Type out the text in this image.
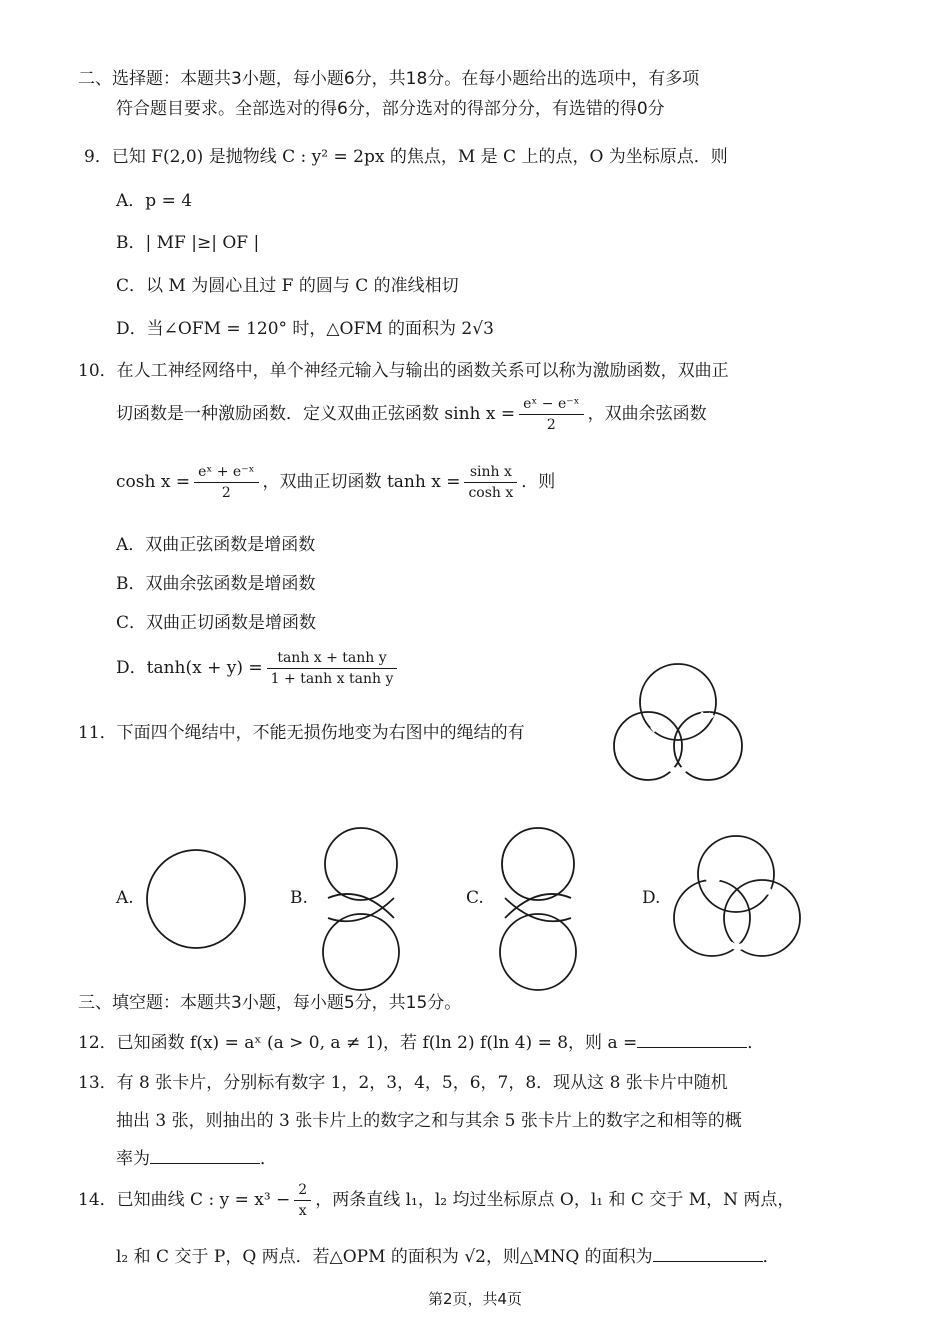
二、选择题：本题共3小题，每小题6分，共18分。在每小题给出的选项中，有多项
符合题目要求。全部选对的得6分，部分选对的得部分分，有选错的得0分
9．已知 F(2,0) 是抛物线 C : y² = 2px 的焦点，M 是 C 上的点，O 为坐标原点．则
A．p = 4
B．| MF |≥| OF |
C．以 M 为圆心且过 F 的圆与 C 的准线相切
D．当∠OFM = 120° 时，△OFM 的面积为 2√3
10．在人工神经网络中，单个神经元输入与输出的函数关系可以称为激励函数，双曲正
切函数是一种激励函数．定义双曲正弦函数 $\sinh x = \frac{\text{eˣ − e⁻ˣ}}{2}$ ，双曲余弦函数
$\cosh x = \frac{\text{eˣ + e⁻ˣ}}{2}$ ，双曲正切函数 $\tanh x = \frac{\text{sinh x}}{\text{cosh x}}$ ．则
A．双曲正弦函数是增函数
B．双曲余弦函数是增函数
C．双曲正切函数是增函数
D．$\tanh(x + y) = \frac{\text{tanh x + tanh y}}{\text{1 + tanh x tanh y}}$
11．下面四个绳结中，不能无损伤地变为右图中的绳结的有
A.	B.	C.	D.
三、填空题：本题共3小题，每小题5分，共15分。
12．已知函数 f(x) = aˣ (a > 0, a ≠ 1)，若 f(ln 2) f(ln 4) = 8，则 a =	．
13．有 8 张卡片，分别标有数字 1，2，3，4，5，6，7，8．现从这 8 张卡片中随机
抽出 3 张，则抽出的 3 张卡片上的数字之和与其余 5 张卡片上的数字之和相等的概
率为	．
14．已知曲线 C : $y = x^3 - \frac{2}{x}$ ，两条直线 l₁，l₂ 均过坐标原点 O，l₁ 和 C 交于 M，N 两点，
l₂ 和 C 交于 P，Q 两点．若△OPM 的面积为 √2，则△MNQ 的面积为	．
第2页，共4页
